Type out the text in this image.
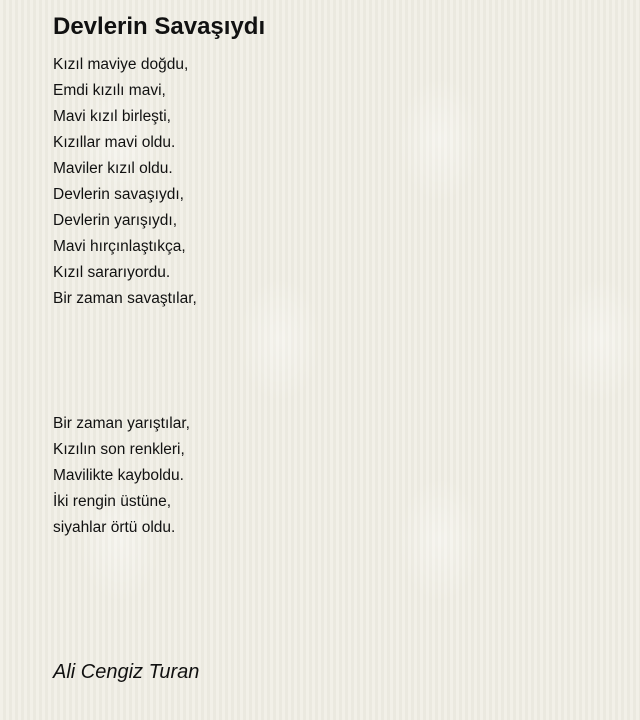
Devlerin Savaşıydı
Kızıl maviye doğdu,
Emdi kızılı mavi,
Mavi kızıl birleşti,
Kızıllar mavi oldu.
Maviler kızıl oldu.
Devlerin savaşıydı,
Devlerin yarışıydı,
Mavi hırçınlaştıkça,
Kızıl sararıyordu.
Bir zaman savaştılar,
Bir zaman yarıştılar,
Kızılın son renkleri,
Mavilikte kayboldu.
İki rengin üstüne,
siyahlar örtü oldu.
Ali Cengiz Turan
